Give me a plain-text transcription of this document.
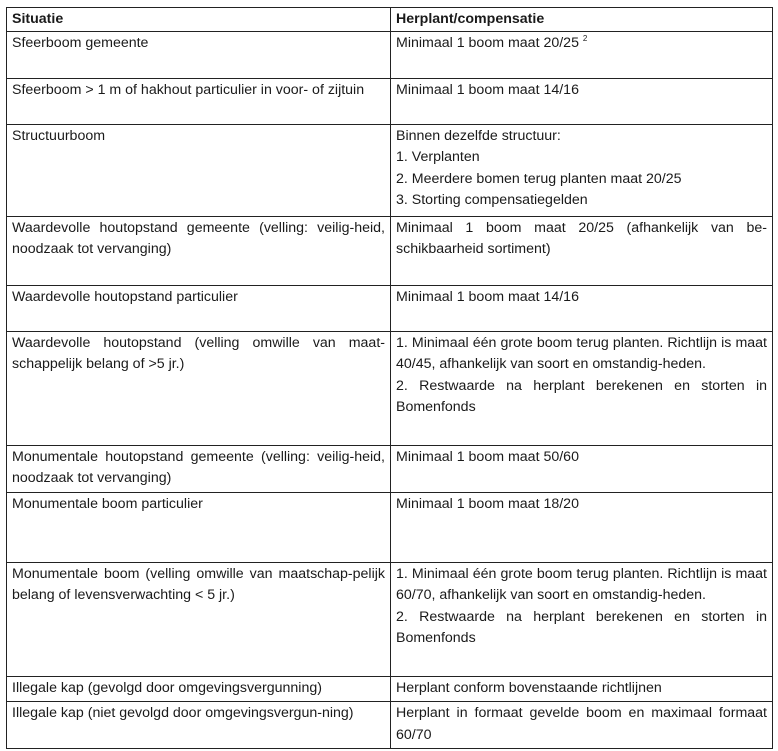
Situatie	Herplant/compensatie
Sfeerboom gemeente	Minimaal 1 boom maat 20/25 $^2$
Sfeerboom > 1 m of hakhout particulier in voor- of zijtuin	Minimaal 1 boom maat 14/16
Structuurboom	Binnen dezelfde structuur:
1. Verplanten
2. Meerdere bomen terug planten maat 20/25
3. Storting compensatiegelden

Waardevolle houtopstand gemeente (velling: veilig-heid, noodzaak tot vervanging)	Minimaal 1 boom maat 20/25 (afhankelijk van be-schikbaarheid sortiment)
Waardevolle houtopstand particulier	Minimaal 1 boom maat 14/16
Waardevolle houtopstand (velling omwille van maat-schappelijk belang of >5 jr.)	1. Minimaal één grote boom terug planten. Richtlijn is maat 40/45, afhankelijk van soort en omstandig-heden.
2. Restwaarde na herplant berekenen en storten in Bomenfonds

Monumentale houtopstand gemeente (velling: veilig-heid, noodzaak tot vervanging)	Minimaal 1 boom maat 50/60
Monumentale boom particulier	Minimaal 1 boom maat 18/20
Monumentale boom (velling omwille van maatschap-pelijk belang of levensverwachting < 5 jr.)	1. Minimaal één grote boom terug planten. Richtlijn is maat 60/70, afhankelijk van soort en omstandig-heden.
2. Restwaarde na herplant berekenen en storten in Bomenfonds

Illegale kap (gevolgd door omgevingsvergunning)	Herplant conform bovenstaande richtlijnen
Illegale kap (niet gevolgd door omgevingsvergun-ning)	Herplant in formaat gevelde boom en maximaal formaat 60/70
